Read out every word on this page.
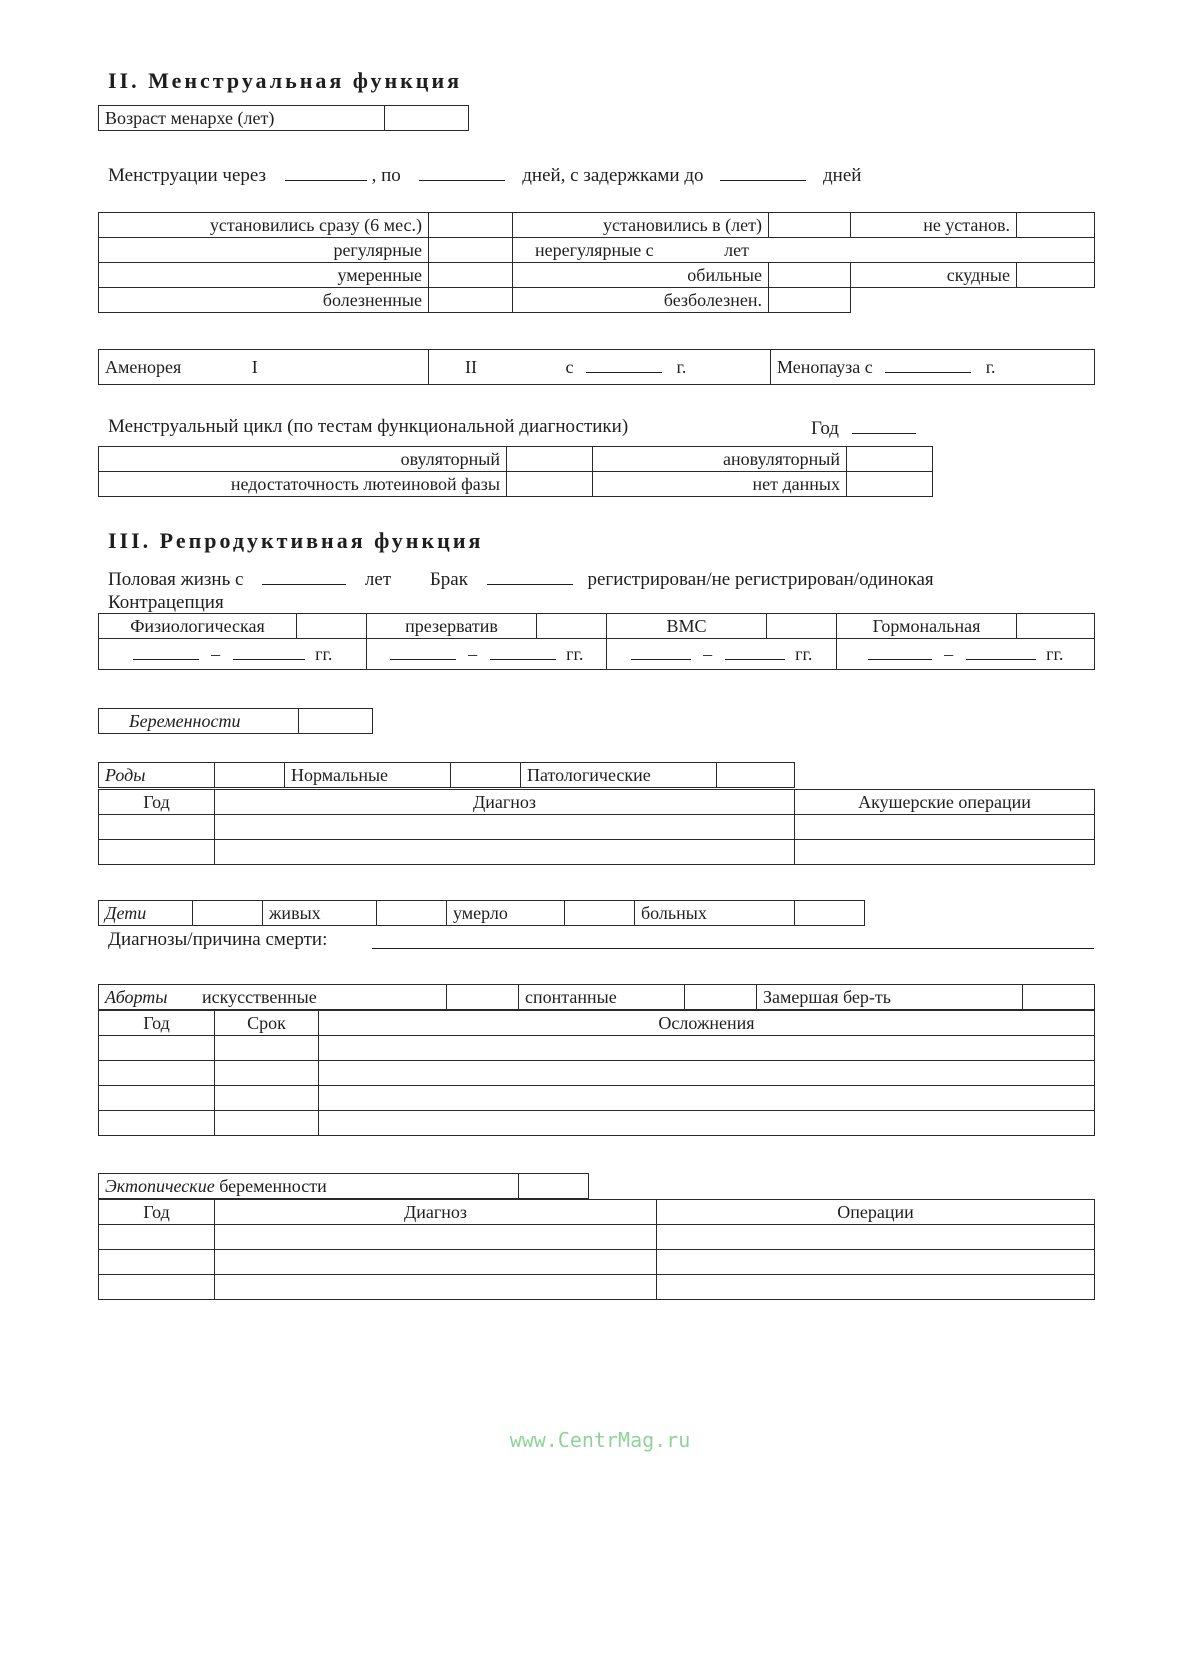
II. Менструальная функция
Возраст менархе (лет)	
Менструации через	, по	дней, с задержками до	дней
установились сразу (6 мес.)		установились в (лет)		не установ.	
регулярные		нерегулярные с лет			
умеренные		обильные		скудные	
болезненные		безболезнен.			
Аменорея	I	II	с	г.	Менопауза с	г.
Менструальный цикл (по тестам функциональной диагностики)	Год
овуляторный		ановуляторный	
недостаточность лютеиновой фазы		нет данных	
III. Репродуктивная функция
Половая жизнь с	лет Брак	регистрирован/не регистрирован/одинокая
Контрацепция
Физиологическая		презерватив		ВМС		Гормональная	
– гг.		– гг.		– гг.		– гг.	
Беременности	
Роды		Нормальные		Патологические	
Год	Диагноз	Акушерские операции

Дети		живых		умерло		больных	
Диагнозы/причина смерти:
Аборты искусственные		спонтанные		Замершая бер-ть	
Год	Срок	Осложнения

Эктопические беременности	
Год	Диагноз	Операции

www.CentrMag.ru
